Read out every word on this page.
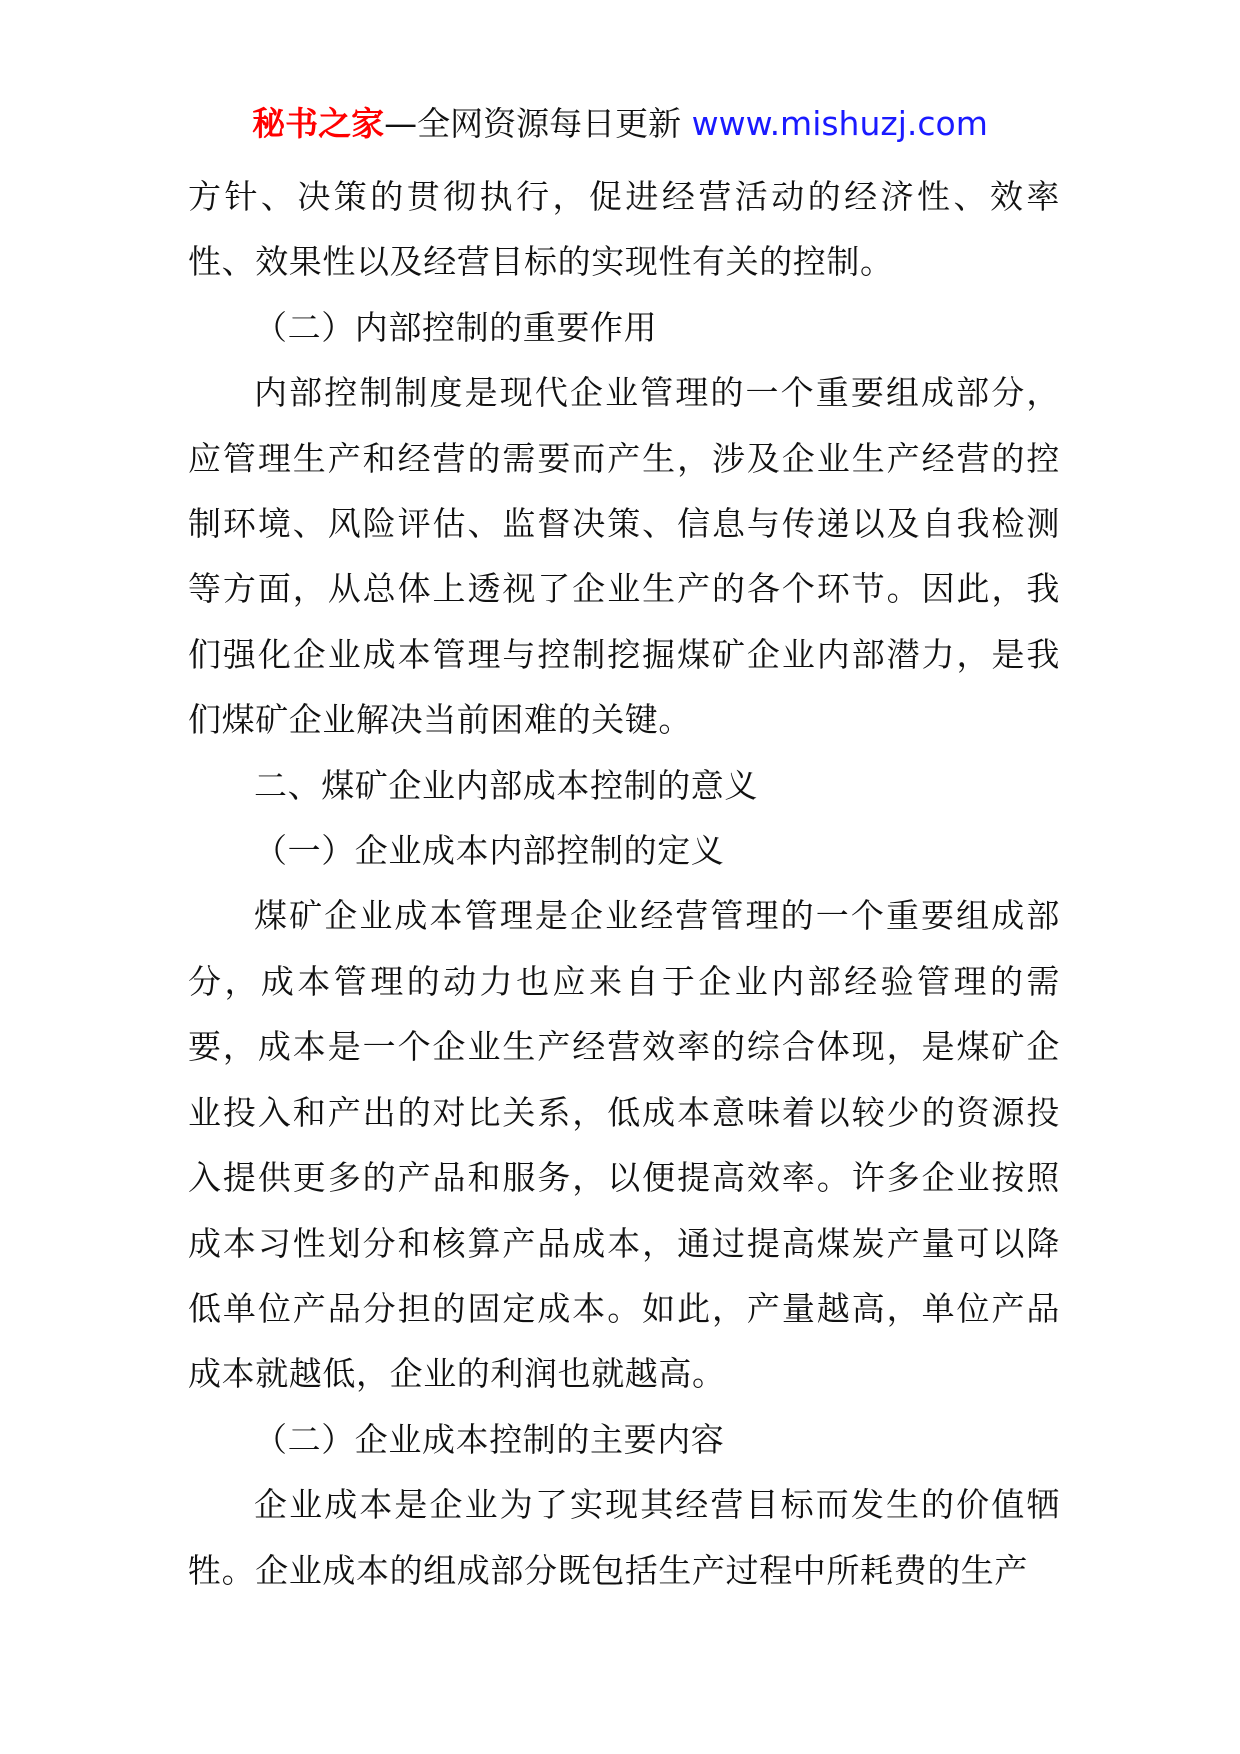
秘书之家—全网资源每日更新 www.mishuzj.com

方针、决策的贯彻执行，促进经营活动的经济性、效率性、效果性以及经营目标的实现性有关的控制。

（二）内部控制的重要作用

内部控制制度是现代企业管理的一个重要组成部分，应管理生产和经营的需要而产生，涉及企业生产经营的控制环境、风险评估、监督决策、信息与传递以及自我检测等方面，从总体上透视了企业生产的各个环节。因此，我们强化企业成本管理与控制挖掘煤矿企业内部潜力，是我们煤矿企业解决当前困难的关键。

二、煤矿企业内部成本控制的意义

（一）企业成本内部控制的定义

煤矿企业成本管理是企业经营管理的一个重要组成部分，成本管理的动力也应来自于企业内部经验管理的需要，成本是一个企业生产经营效率的综合体现，是煤矿企业投入和产出的对比关系，低成本意味着以较少的资源投入提供更多的产品和服务，以便提高效率。许多企业按照成本习性划分和核算产品成本，通过提高煤炭产量可以降低单位产品分担的固定成本。如此，产量越高，单位产品成本就越低，企业的利润也就越高。

（二）企业成本控制的主要内容

企业成本是企业为了实现其经营目标而发生的价值牺牲。企业成本的组成部分既包括生产过程中所耗费的生产
